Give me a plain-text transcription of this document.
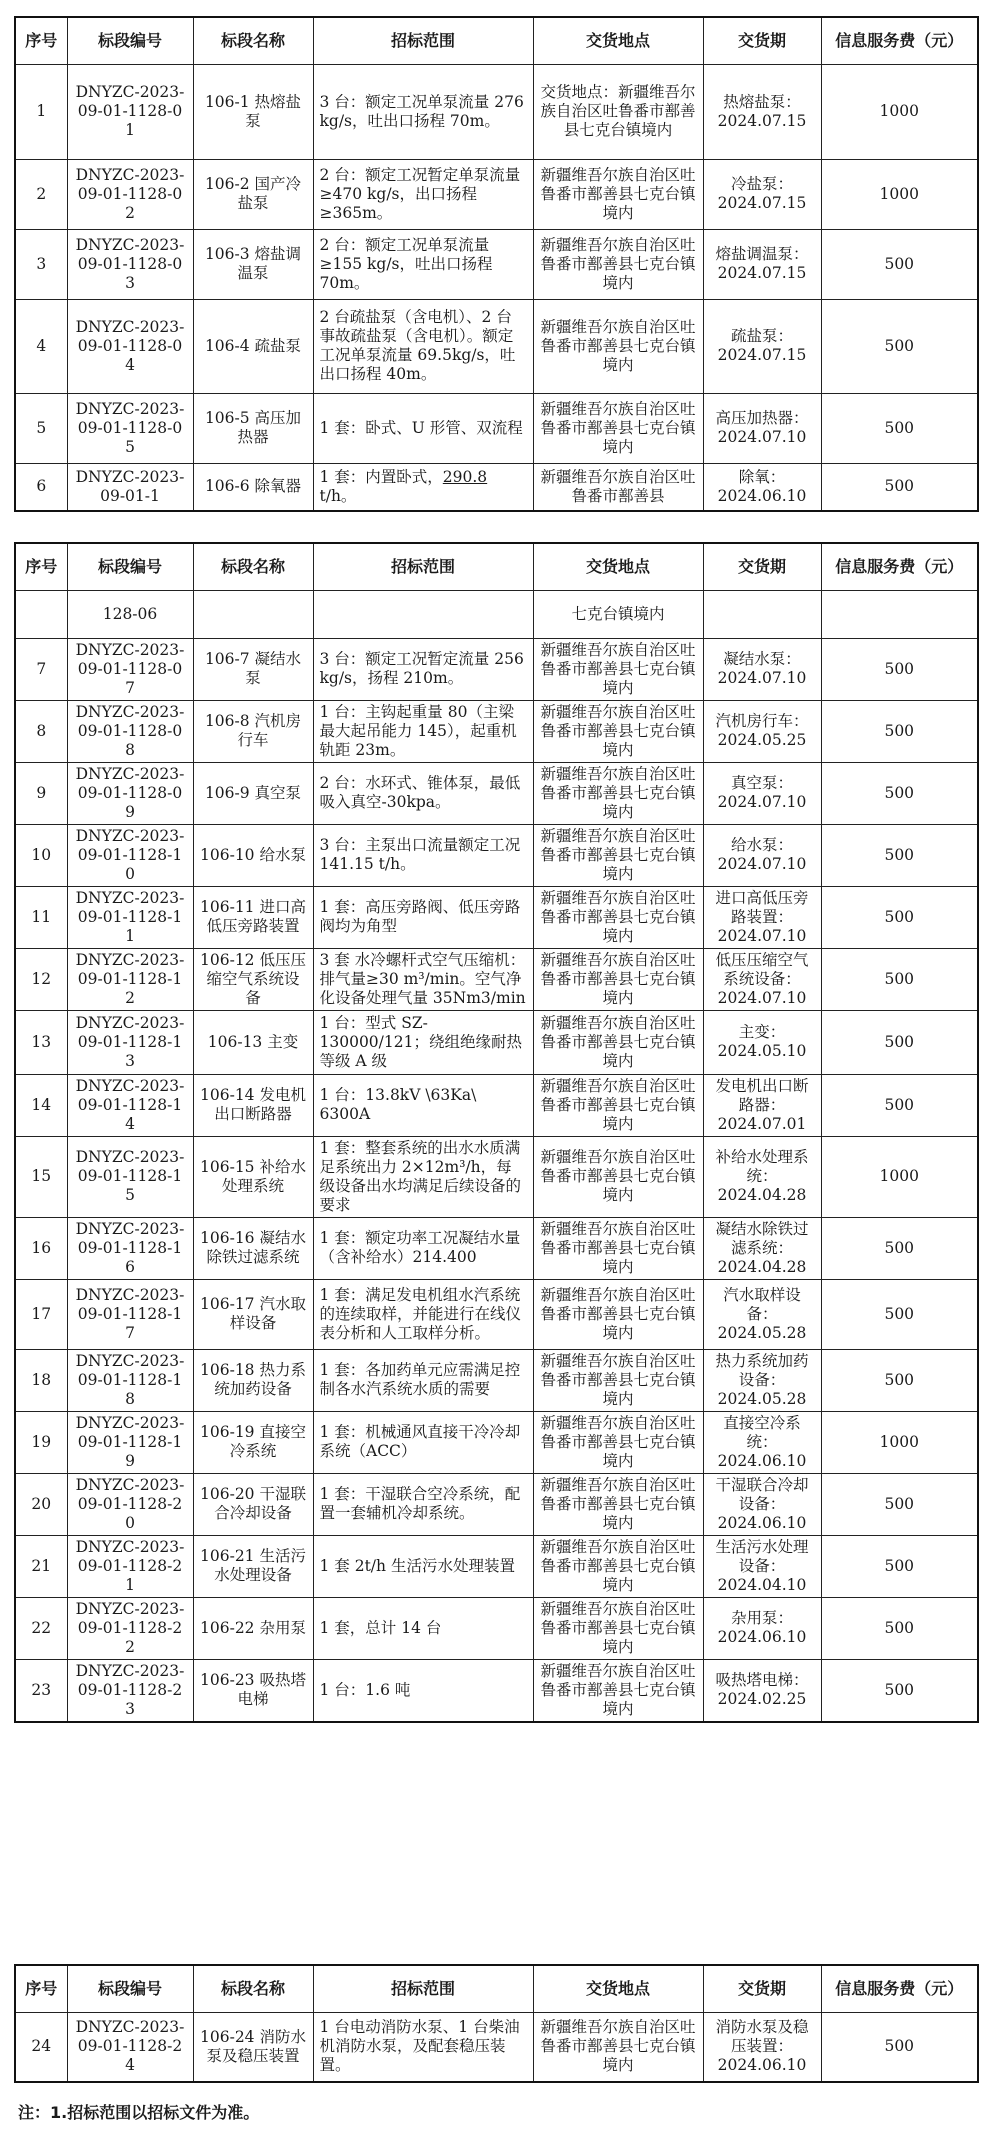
序号	标段编号	标段名称	招标范围	交货地点	交货期	信息服务费（元）
1	DNYZC-2023-09-01-1128-01	106-1 热熔盐泵	3 台：额定工况单泵流量 276 kg/s，吐出口扬程 70m。	交货地点：新疆维吾尔族自治区吐鲁番市鄯善县七克台镇境内	热熔盐泵：2024.07.15	1000
2	DNYZC-2023-09-01-1128-02	106-2 国产冷盐泵	2 台：额定工况暂定单泵流量≥470 kg/s，出口扬程≥365m。	新疆维吾尔族自治区吐鲁番市鄯善县七克台镇境内	冷盐泵：2024.07.15	1000
3	DNYZC-2023-09-01-1128-03	106-3 熔盐调温泵	2 台：额定工况单泵流量≥155 kg/s，吐出口扬程70m。	新疆维吾尔族自治区吐鲁番市鄯善县七克台镇境内	熔盐调温泵：2024.07.15	500
4	DNYZC-2023-09-01-1128-04	106-4 疏盐泵	2 台疏盐泵（含电机）、2 台事故疏盐泵（含电机）。额定工况单泵流量 69.5kg/s，吐出口扬程 40m。	新疆维吾尔族自治区吐鲁番市鄯善县七克台镇境内	疏盐泵：2024.07.15	500
5	DNYZC-2023-09-01-1128-05	106-5 高压加热器	1 套：卧式、U 形管、双流程	新疆维吾尔族自治区吐鲁番市鄯善县七克台镇境内	高压加热器：2024.07.10	500
6	DNYZC-2023-09-01-1	106-6 除氧器	1 套：内置卧式，290.8 t/h。	新疆维吾尔族自治区吐鲁番市鄯善县	除氧：2024.06.10	500
序号	标段编号	标段名称	招标范围	交货地点	交货期	信息服务费（元）
	128-06			七克台镇境内		
7	DNYZC-2023-09-01-1128-07	106-7 凝结水泵	3 台：额定工况暂定流量 256 kg/s，扬程 210m。	新疆维吾尔族自治区吐鲁番市鄯善县七克台镇境内	凝结水泵：2024.07.10	500
8	DNYZC-2023-09-01-1128-08	106-8 汽机房行车	1 台：主钩起重量 80（主梁最大起吊能力 145），起重机轨距 23m。	新疆维吾尔族自治区吐鲁番市鄯善县七克台镇境内	汽机房行车：2024.05.25	500
9	DNYZC-2023-09-01-1128-09	106-9 真空泵	2 台：水环式、锥体泵，最低吸入真空-30kpa。	新疆维吾尔族自治区吐鲁番市鄯善县七克台镇境内	真空泵：2024.07.10	500
10	DNYZC-2023-09-01-1128-10	106-10 给水泵	3 台：主泵出口流量额定工况 141.15 t/h。	新疆维吾尔族自治区吐鲁番市鄯善县七克台镇境内	给水泵：2024.07.10	500
11	DNYZC-2023-09-01-1128-11	106-11 进口高低压旁路装置	1 套：高压旁路阀、低压旁路阀均为角型	新疆维吾尔族自治区吐鲁番市鄯善县七克台镇境内	进口高低压旁路装置：2024.07.10	500
12	DNYZC-2023-09-01-1128-12	106-12 低压压缩空气系统设备	3 套 水冷螺杆式空气压缩机：排气量≥30 m³/min。空气净化设备处理气量 35Nm3/min	新疆维吾尔族自治区吐鲁番市鄯善县七克台镇境内	低压压缩空气系统设备：2024.07.10	500
13	DNYZC-2023-09-01-1128-13	106-13 主变	1 台：型式 SZ-130000/121；绕组绝缘耐热等级 A 级	新疆维吾尔族自治区吐鲁番市鄯善县七克台镇境内	主变：2024.05.10	500
14	DNYZC-2023-09-01-1128-14	106-14 发电机出口断路器	1 台：13.8kV \63Ka\ 6300A	新疆维吾尔族自治区吐鲁番市鄯善县七克台镇境内	发电机出口断路器：2024.07.01	500
15	DNYZC-2023-09-01-1128-15	106-15 补给水处理系统	1 套：整套系统的出水水质满足系统出力 2×12m³/h，每级设备出水均满足后续设备的要求	新疆维吾尔族自治区吐鲁番市鄯善县七克台镇境内	补给水处理系统：2024.04.28	1000
16	DNYZC-2023-09-01-1128-16	106-16 凝结水除铁过滤系统	1 套：额定功率工况凝结水量（含补给水）214.400	新疆维吾尔族自治区吐鲁番市鄯善县七克台镇境内	凝结水除铁过滤系统：2024.04.28	500
17	DNYZC-2023-09-01-1128-17	106-17 汽水取样设备	1 套：满足发电机组水汽系统的连续取样，并能进行在线仪表分析和人工取样分析。	新疆维吾尔族自治区吐鲁番市鄯善县七克台镇境内	汽水取样设备：2024.05.28	500
18	DNYZC-2023-09-01-1128-18	106-18 热力系统加药设备	1 套：各加药单元应需满足控制各水汽系统水质的需要	新疆维吾尔族自治区吐鲁番市鄯善县七克台镇境内	热力系统加药设备：2024.05.28	500
19	DNYZC-2023-09-01-1128-19	106-19 直接空冷系统	1 套：机械通风直接干冷冷却系统（ACC）	新疆维吾尔族自治区吐鲁番市鄯善县七克台镇境内	直接空冷系统：2024.06.10	1000
20	DNYZC-2023-09-01-1128-20	106-20 干湿联合冷却设备	1 套：干湿联合空冷系统，配置一套辅机冷却系统。	新疆维吾尔族自治区吐鲁番市鄯善县七克台镇境内	干湿联合冷却设备：2024.06.10	500
21	DNYZC-2023-09-01-1128-21	106-21 生活污水处理设备	1 套 2t/h 生活污水处理装置	新疆维吾尔族自治区吐鲁番市鄯善县七克台镇境内	生活污水处理设备：2024.04.10	500
22	DNYZC-2023-09-01-1128-22	106-22 杂用泵	1 套，总计 14 台	新疆维吾尔族自治区吐鲁番市鄯善县七克台镇境内	杂用泵：2024.06.10	500
23	DNYZC-2023-09-01-1128-23	106-23 吸热塔电梯	1 台：1.6 吨	新疆维吾尔族自治区吐鲁番市鄯善县七克台镇境内	吸热塔电梯：2024.02.25	500
序号	标段编号	标段名称	招标范围	交货地点	交货期	信息服务费（元）
24	DNYZC-2023-09-01-1128-24	106-24 消防水泵及稳压装置	1 台电动消防水泵、1 台柴油机消防水泵，及配套稳压装置。	新疆维吾尔族自治区吐鲁番市鄯善县七克台镇境内	消防水泵及稳压装置：2024.06.10	500
注：1.招标范围以招标文件为准。
